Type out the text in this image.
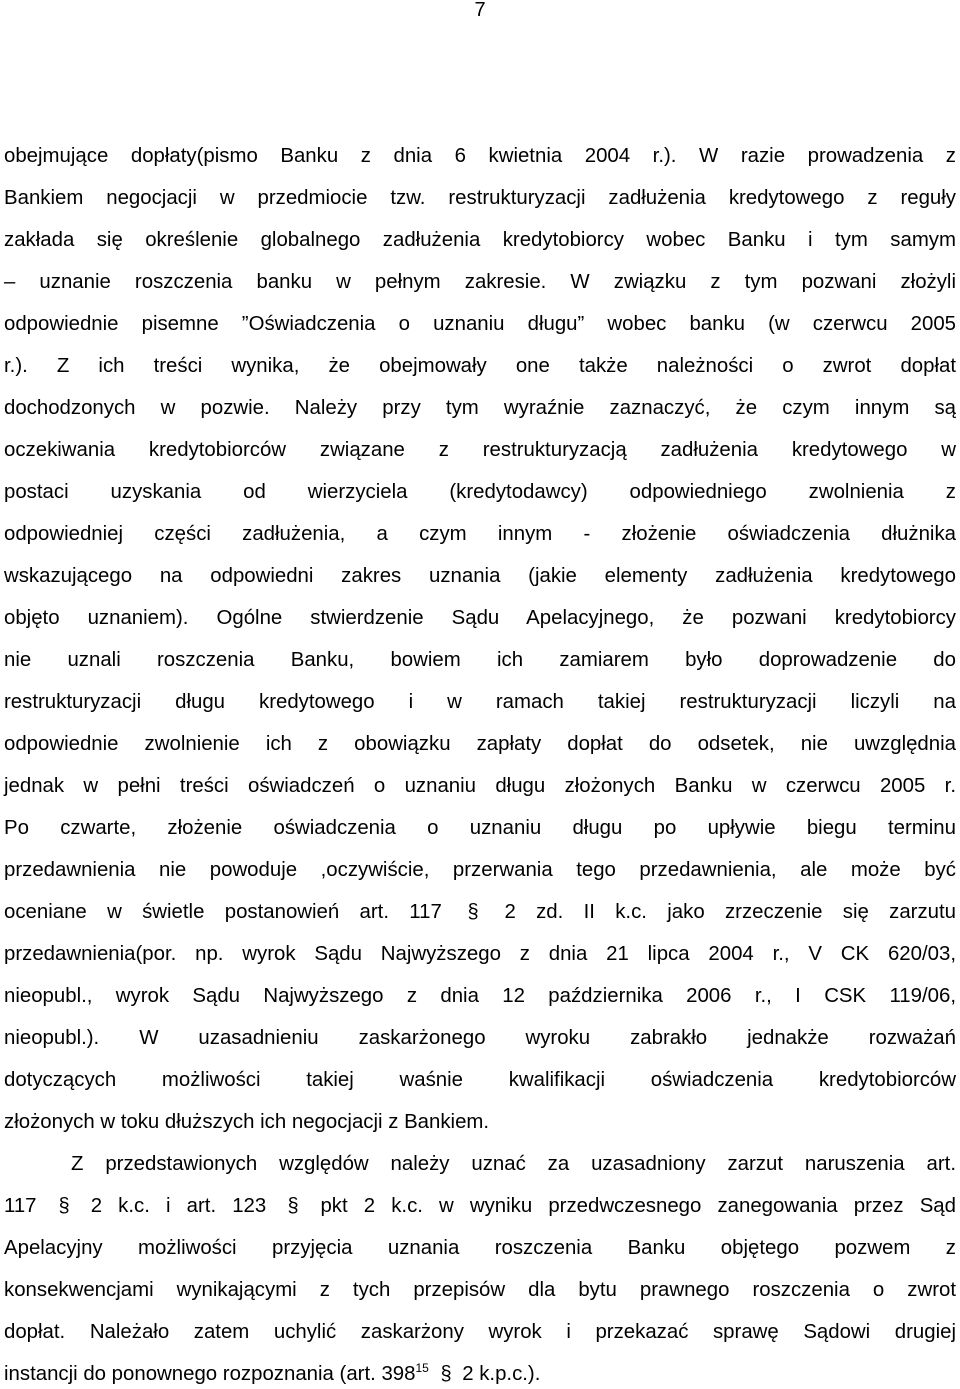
7
obejmujące dopłaty(pismo Banku z dnia 6 kwietnia 2004 r.). W razie prowadzenia z
Bankiem negocjacji w przedmiocie tzw. restrukturyzacji zadłużenia kredytowego z reguły
zakłada się określenie globalnego zadłużenia kredytobiorcy wobec Banku i tym samym
– uznanie roszczenia banku w pełnym zakresie. W związku z tym pozwani złożyli
odpowiednie pisemne ”Oświadczenia o uznaniu długu” wobec banku (w czerwcu 2005
r.). Z ich treści wynika, że obejmowały one także należności o zwrot dopłat
dochodzonych w pozwie. Należy przy tym wyraźnie zaznaczyć, że czym innym są
oczekiwania kredytobiorców związane z restrukturyzacją zadłużenia kredytowego w
postaci uzyskania od wierzyciela (kredytodawcy) odpowiedniego zwolnienia z
odpowiedniej części zadłużenia, a czym innym - złożenie oświadczenia dłużnika
wskazującego na odpowiedni zakres uznania (jakie elementy zadłużenia kredytowego
objęto uznaniem). Ogólne stwierdzenie Sądu Apelacyjnego, że pozwani kredytobiorcy
nie uznali roszczenia Banku, bowiem ich zamiarem było doprowadzenie do
restrukturyzacji długu kredytowego i w ramach takiej restrukturyzacji liczyli na
odpowiednie zwolnienie ich z obowiązku zapłaty dopłat do odsetek, nie uwzględnia
jednak w pełni treści oświadczeń o uznaniu długu złożonych Banku w czerwcu 2005 r.
Po czwarte, złożenie oświadczenia o uznaniu długu po upływie biegu terminu
przedawnienia nie powoduje ,oczywiście, przerwania tego przedawnienia, ale może być
oceniane w świetle postanowień art. 117 § 2 zd. II k.c. jako zrzeczenie się zarzutu
przedawnienia(por. np. wyrok Sądu Najwyższego z dnia 21 lipca 2004 r., V CK 620/03,
nieopubl., wyrok Sądu Najwyższego z dnia 12 października 2006 r., I CSK 119/06,
nieopubl.). W uzasadnieniu zaskarżonego wyroku zabrakło jednakże rozważań
dotyczących możliwości takiej waśnie kwalifikacji oświadczenia kredytobiorców
złożonych w toku dłuższych ich negocjacji z Bankiem.
Z przedstawionych względów należy uznać za uzasadniony zarzut naruszenia art.
117 § 2 k.c. i art. 123 § pkt 2 k.c. w wyniku przedwczesnego zanegowania przez Sąd
Apelacyjny możliwości przyjęcia uznania roszczenia Banku objętego pozwem z
konsekwencjami wynikającymi z tych przepisów dla bytu prawnego roszczenia o zwrot
dopłat. Należało zatem uchylić zaskarżony wyrok i przekazać sprawę Sądowi drugiej
instancji do ponownego rozpoznania (art. $398^{15}$ § 2 k.p.c.).
